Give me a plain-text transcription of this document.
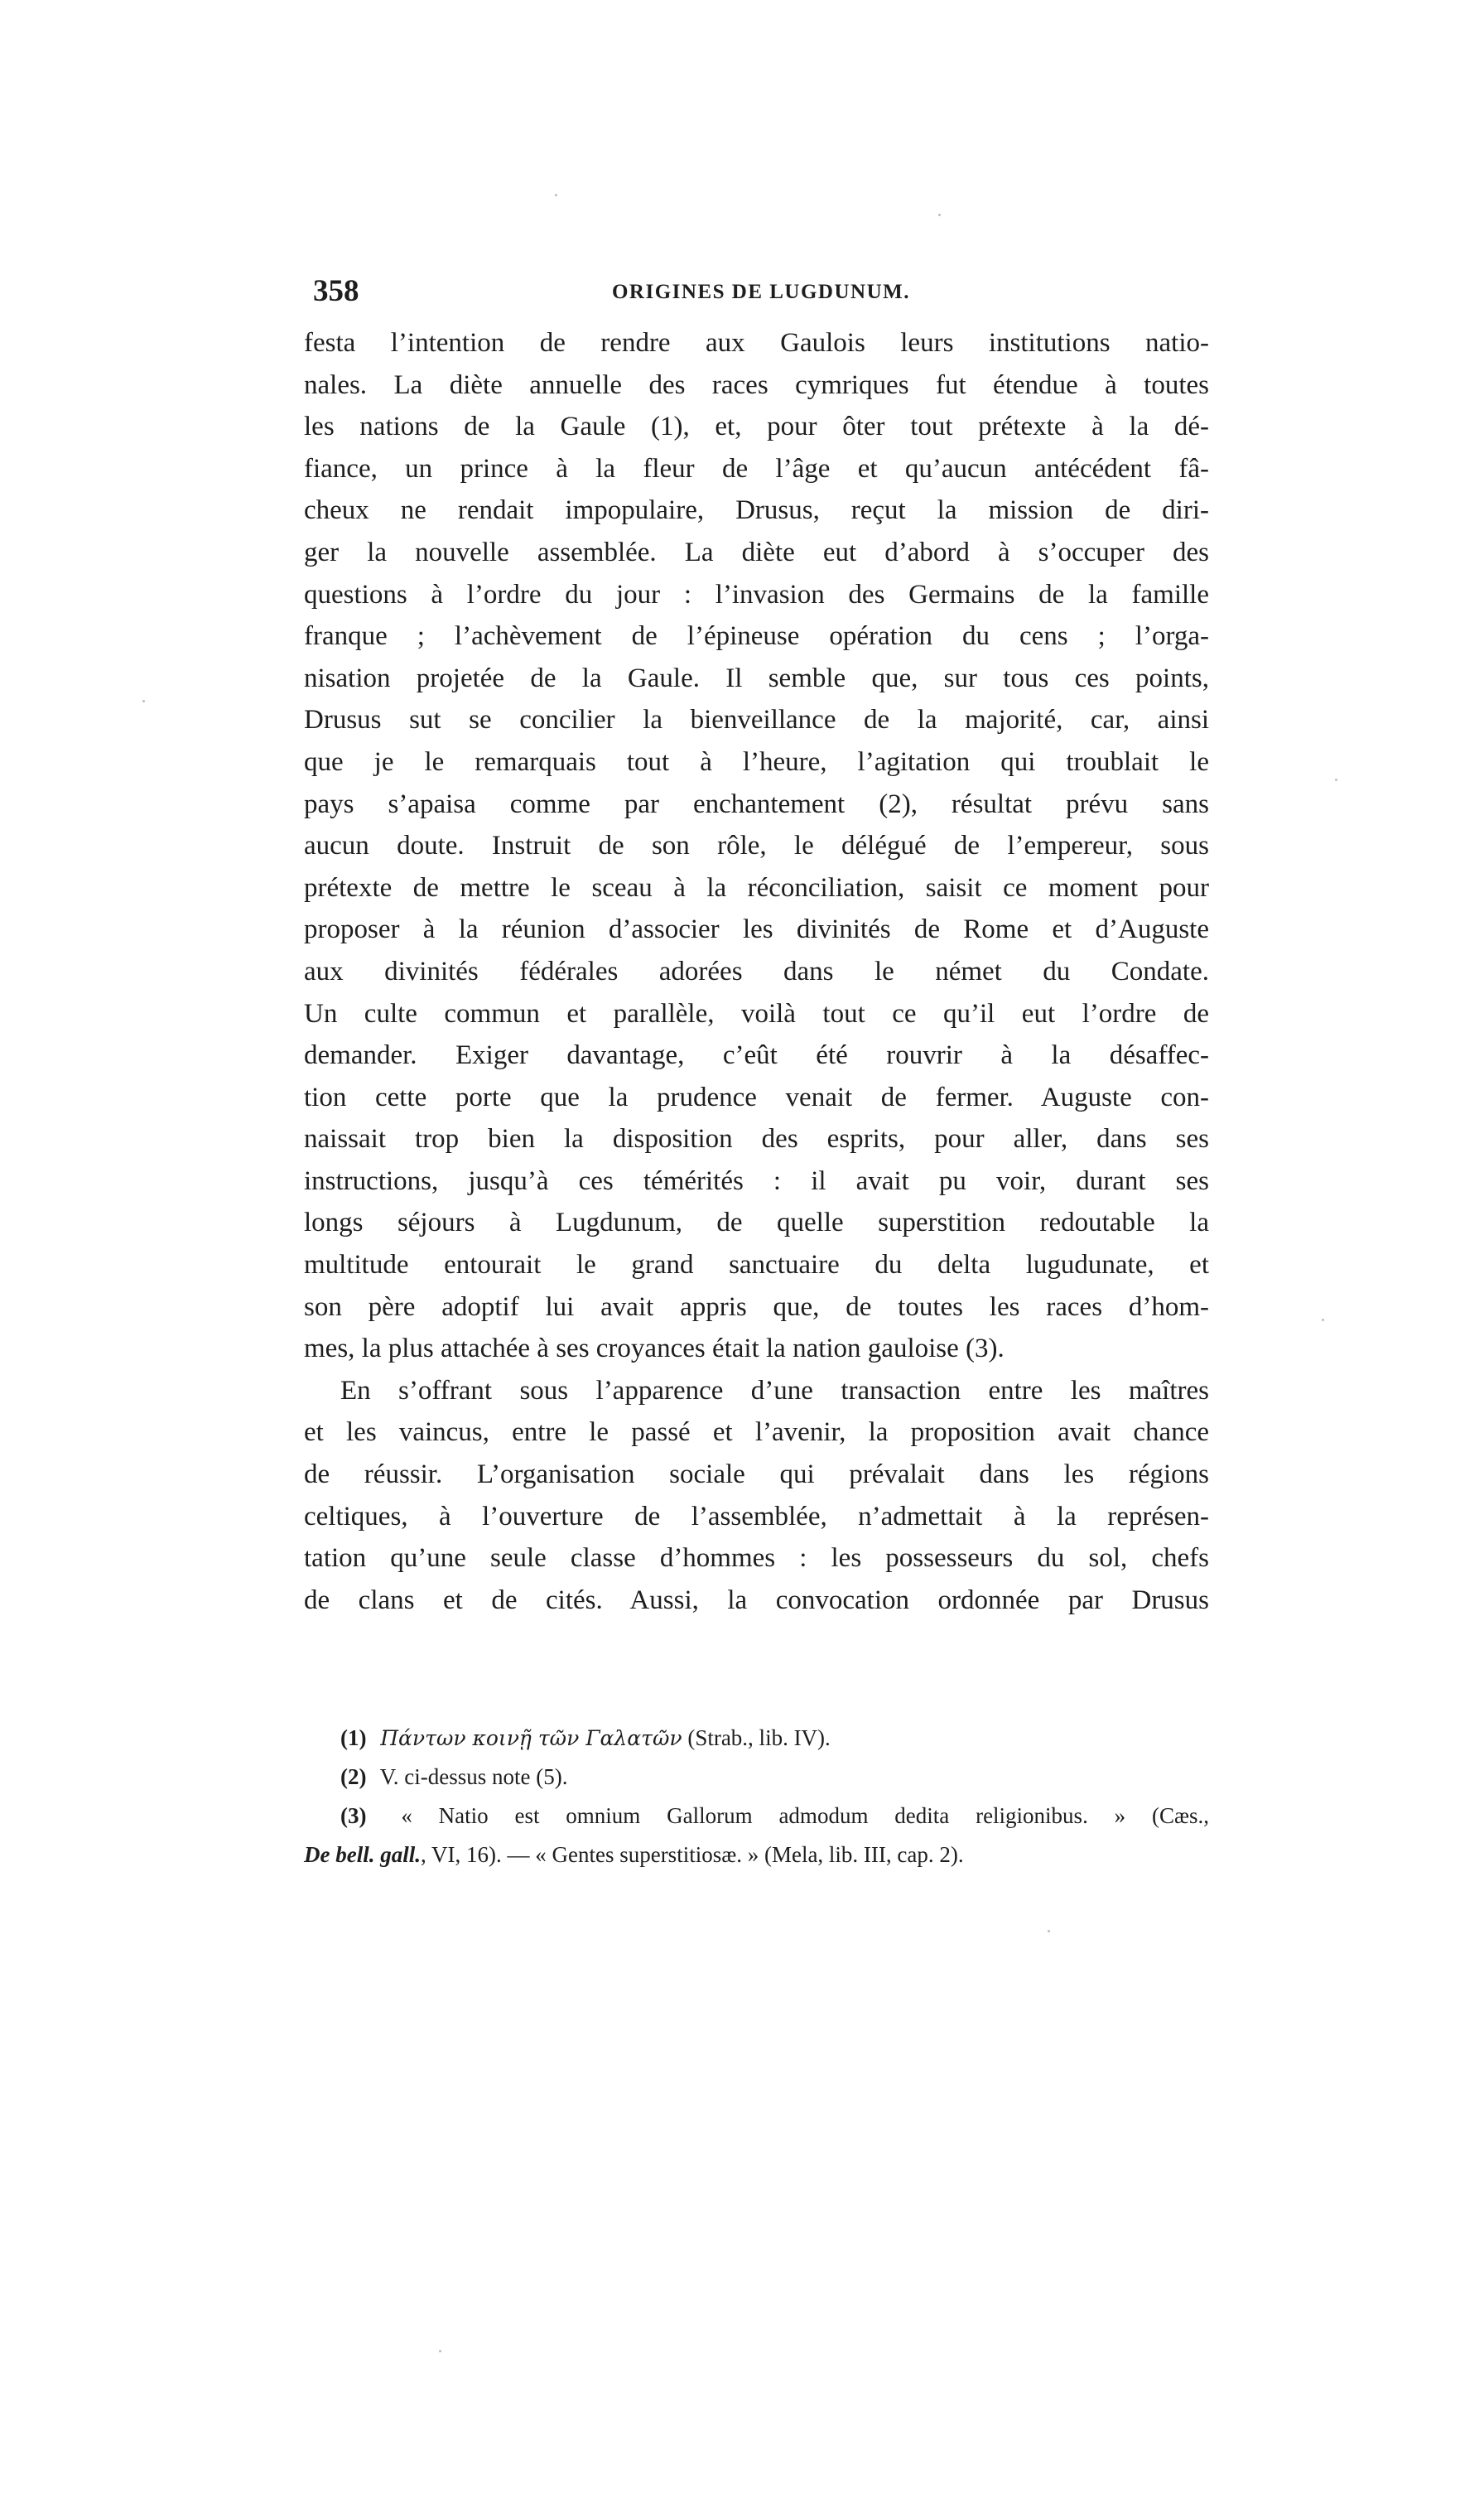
358	ORIGINES DE LUGDUNUM.
festa l’intention de rendre aux Gaulois leurs institutions natio-
nales. La diète annuelle des races cymriques fut étendue à toutes
les nations de la Gaule (1), et, pour ôter tout prétexte à la dé-
fiance, un prince à la fleur de l’âge et qu’aucun antécédent fâ-
cheux ne rendait impopulaire, Drusus, reçut la mission de diri-
ger la nouvelle assemblée. La diète eut d’abord à s’occuper des
questions à l’ordre du jour : l’invasion des Germains de la famille
franque ; l’achèvement de l’épineuse opération du cens ; l’orga-
nisation projetée de la Gaule. Il semble que, sur tous ces points,
Drusus sut se concilier la bienveillance de la majorité, car, ainsi
que je le remarquais tout à l’heure, l’agitation qui troublait le
pays s’apaisa comme par enchantement (2), résultat prévu sans
aucun doute. Instruit de son rôle, le délégué de l’empereur, sous
prétexte de mettre le sceau à la réconciliation, saisit ce moment pour
proposer à la réunion d’associer les divinités de Rome et d’Auguste
aux divinités fédérales adorées dans le német du Condate.
Un culte commun et parallèle, voilà tout ce qu’il eut l’ordre de
demander. Exiger davantage, c’eût été rouvrir à la désaffec-
tion cette porte que la prudence venait de fermer. Auguste con-
naissait trop bien la disposition des esprits, pour aller, dans ses
instructions, jusqu’à ces témérités : il avait pu voir, durant ses
longs séjours à Lugdunum, de quelle superstition redoutable la
multitude entourait le grand sanctuaire du delta lugudunate, et
son père adoptif lui avait appris que, de toutes les races d’hom-
mes, la plus attachée à ses croyances était la nation gauloise (3).
En s’offrant sous l’apparence d’une transaction entre les maîtres
et les vaincus, entre le passé et l’avenir, la proposition avait chance
de réussir. L’organisation sociale qui prévalait dans les régions
celtiques, à l’ouverture de l’assemblée, n’admettait à la représen-
tation qu’une seule classe d’hommes : les possesseurs du sol, chefs
de clans et de cités. Aussi, la convocation ordonnée par Drusus
(1) Πάντων κοινῇ τῶν Γαλατῶν (Strab., lib. IV).
(2) V. ci-dessus note (5).
(3) « Natio est omnium Gallorum admodum dedita religionibus. » (Cæs.,
De bell. gall., VI, 16). — « Gentes superstitiosæ. » (Mela, lib. III, cap. 2).
